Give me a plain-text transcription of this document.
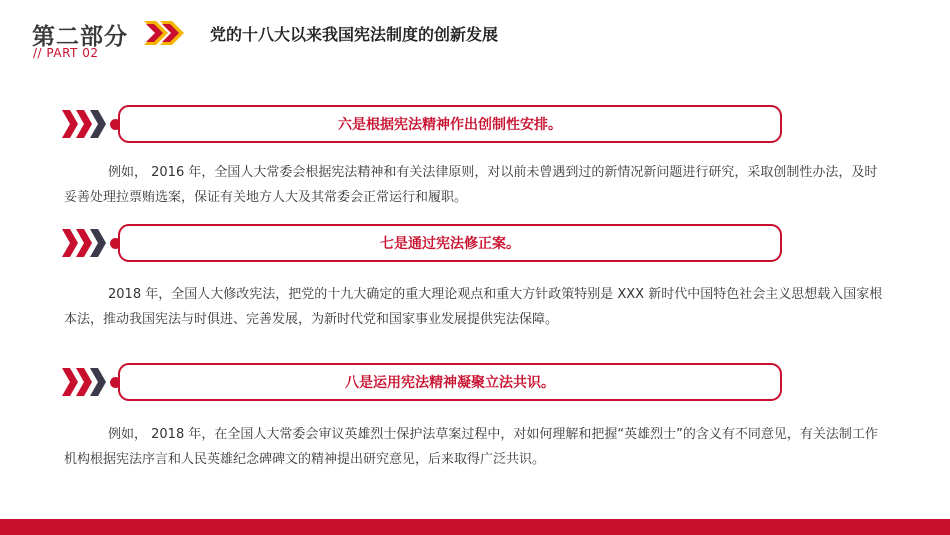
第二部分
// PART 02
党的十八大以来我国宪法制度的创新发展
六是根据宪法精神作出创制性安排。

例如， 2016 年，全国人大常委会根据宪法精神和有关法律原则，对以前未曾遇到过的新情况新问题进行研究，采取创制性办法，及时妥善处理拉票贿选案，保证有关地方人大及其常委会正常运行和履职。

七是通过宪法修正案。

2018 年，全国人大修改宪法，把党的十九大确定的重大理论观点和重大方针政策特别是 XXX 新时代中国特色社会主义思想载入国家根本法，推动我国宪法与时俱进、完善发展，为新时代党和国家事业发展提供宪法保障。

八是运用宪法精神凝聚立法共识。

例如， 2018 年，在全国人大常委会审议英雄烈士保护法草案过程中，对如何理解和把握“英雄烈士”的含义有不同意见，有关法制工作机构根据宪法序言和人民英雄纪念碑碑文的精神提出研究意见，后来取得广泛共识。
